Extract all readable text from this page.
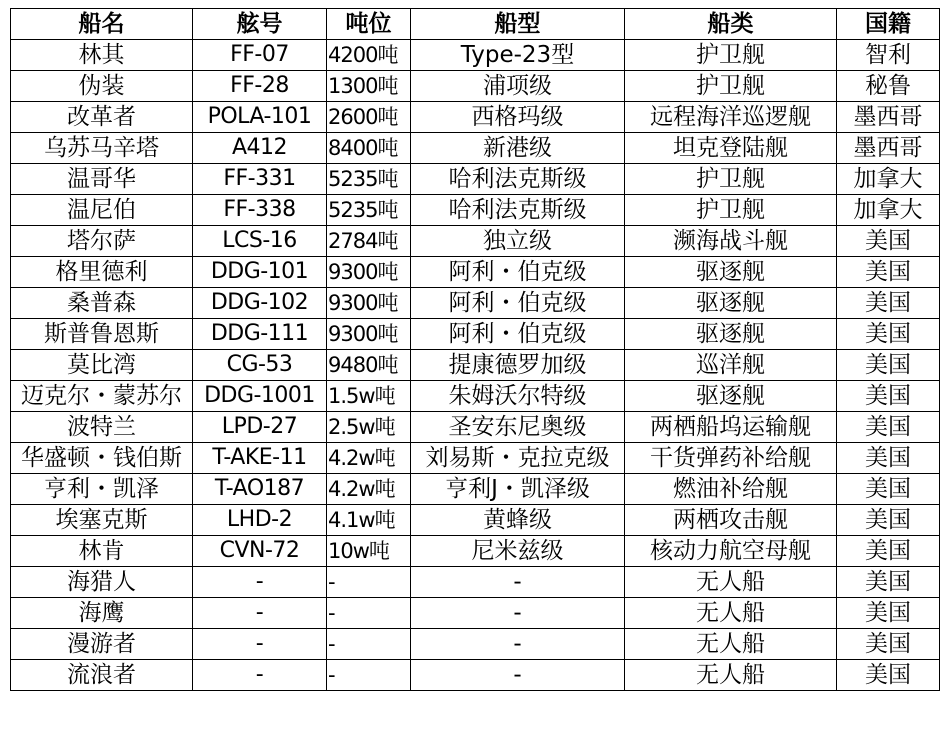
船名	舷号	吨位	船型	船类	国籍
林其	FF-07	4200吨	Type-23型	护卫舰	智利
伪装	FF-28	1300吨	浦项级	护卫舰	秘鲁
改革者	POLA-101	2600吨	西格玛级	远程海洋巡逻舰	墨西哥
乌苏马辛塔	A412	8400吨	新港级	坦克登陆舰	墨西哥
温哥华	FF-331	5235吨	哈利法克斯级	护卫舰	加拿大
温尼伯	FF-338	5235吨	哈利法克斯级	护卫舰	加拿大
塔尔萨	LCS-16	2784吨	独立级	濒海战斗舰	美国
格里德利	DDG-101	9300吨	阿利・伯克级	驱逐舰	美国
桑普森	DDG-102	9300吨	阿利・伯克级	驱逐舰	美国
斯普鲁恩斯	DDG-111	9300吨	阿利・伯克级	驱逐舰	美国
莫比湾	CG-53	9480吨	提康德罗加级	巡洋舰	美国
迈克尔・蒙苏尔	DDG-1001	1.5w吨	朱姆沃尔特级	驱逐舰	美国
波特兰	LPD-27	2.5w吨	圣安东尼奥级	两栖船坞运输舰	美国
华盛顿・钱伯斯	T-AKE-11	4.2w吨	刘易斯・克拉克级	干货弹药补给舰	美国
亨利・凯泽	T-AO187	4.2w吨	亨利J・凯泽级	燃油补给舰	美国
埃塞克斯	LHD-2	4.1w吨	黄蜂级	两栖攻击舰	美国
林肯	CVN-72	10w吨	尼米兹级	核动力航空母舰	美国
海猎人	-	-	-	无人船	美国
海鹰	-	-	-	无人船	美国
漫游者	-	-	-	无人船	美国
流浪者	-	-	-	无人船	美国
